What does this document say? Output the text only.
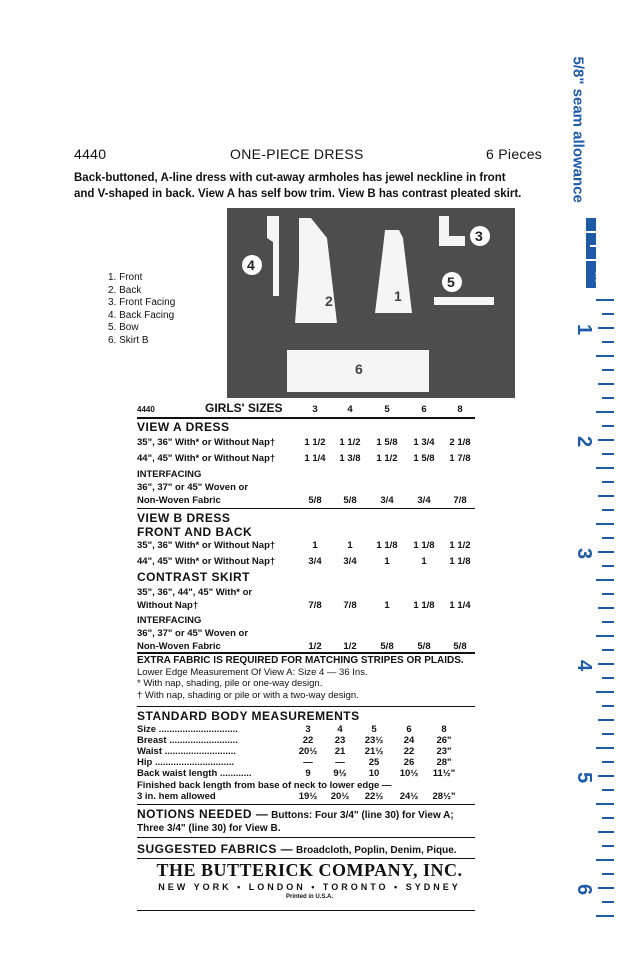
4440	ONE-PIECE DRESS	6 Pieces
Back-buttoned, A-line dress with cut-away armholes has jewel neckline in front
and V-shaped in back. View A has self bow trim. View B has contrast pleated skirt.
4
3
5
2	1
6
1. Front
2. Back
3. Front Facing
4. Back Facing
5. Bow
6. Skirt B
4440	GIRLS' SIZES	3	4	5	6	8
VIEW A DRESS
35", 36" With* or Without Nap†	1 1/2	1 1/2	1 5/8	1 3/4	2 1/8
44", 45" With* or Without Nap†	1 1/4	1 3/8	1 1/2	1 5/8	1 7/8
INTERFACING
36", 37" or 45" Woven or
Non-Woven Fabric	5/8	5/8	3/4	3/4	7/8
VIEW B DRESS
FRONT AND BACK
35", 36" With* or Without Nap†	1	1	1 1/8	1 1/8	1 1/2
44", 45" With* or Without Nap†	3/4	3/4	1	1	1 1/8
CONTRAST SKIRT
35", 36", 44", 45" With* or
Without Nap†	7/8	7/8	1	1 1/8	1 1/4
INTERFACING
36", 37" or 45" Woven or
Non-Woven Fabric	1/2	1/2	5/8	5/8	5/8
EXTRA FABRIC IS REQUIRED FOR MATCHING STRIPES OR PLAIDS.
Lower Edge Measurement Of View A: Size 4 — 36 Ins.
* With nap, shading, pile or one-way design.
† With nap, shading or pile or with a two-way design.
STANDARD BODY MEASUREMENTS
Size ..............................	3	4	5	6	8
Breast ..........................	22	23	23½	24	26"
Waist ...........................	20½	21	21½	22	23"
Hip ..............................	—	—	25	26	28"
Back waist length ............	9	9½	10	10½	11½"
Finished back length from base of neck to lower edge —
3 in. hem allowed	19½	20½	22½	24½	28½"
NOTIONS NEEDED — Buttons: Four 3/4" (line 30) for View A;
Three 3/4" (line 30) for View B.
SUGGESTED FABRICS — Broadcloth, Poplin, Denim, Pique.
THE BUTTERICK COMPANY, INC.
NEW YORK • LONDON • TORONTO • SYDNEY
Printed in U.S.A.
5/8" seam allowance
5/8
1
2
3
4
5
6
